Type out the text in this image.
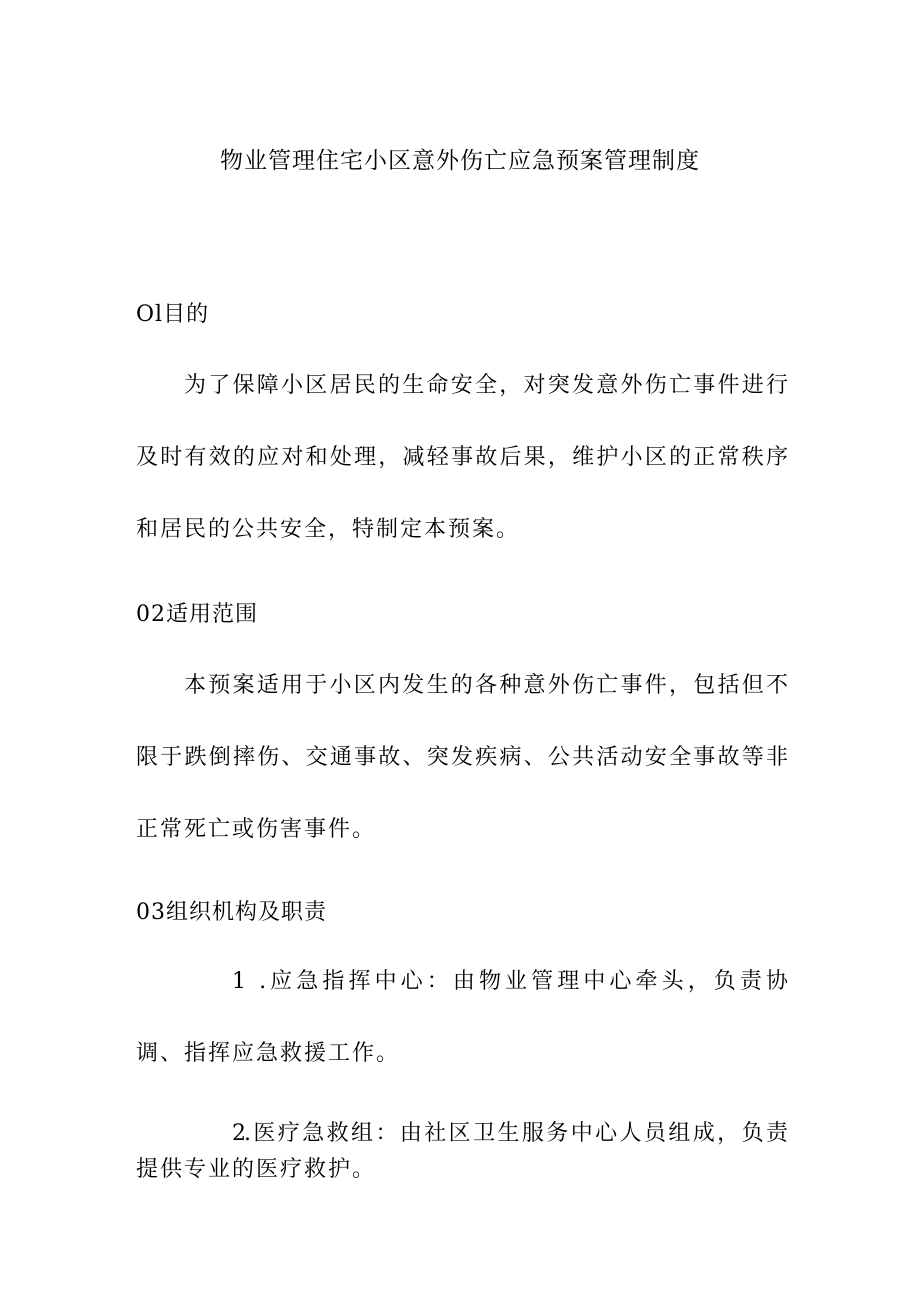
物业管理住宅小区意外伤亡应急预案管理制度
Ol目的

为了保障小区居民的生命安全，对突发意外伤亡事件进行及时有效的应对和处理，减轻事故后果，维护小区的正常秩序和居民的公共安全，特制定本预案。

02适用范围

本预案适用于小区内发生的各种意外伤亡事件，包括但不限于跌倒摔伤、交通事故、突发疾病、公共活动安全事故等非正常死亡或伤害事件。

03组织机构及职责

1 .应急指挥中心：由物业管理中心牵头，负责协调、指挥应急救援工作。

2.医疗急救组：由社区卫生服务中心人员组成，负责提供专业的医疗救护。
